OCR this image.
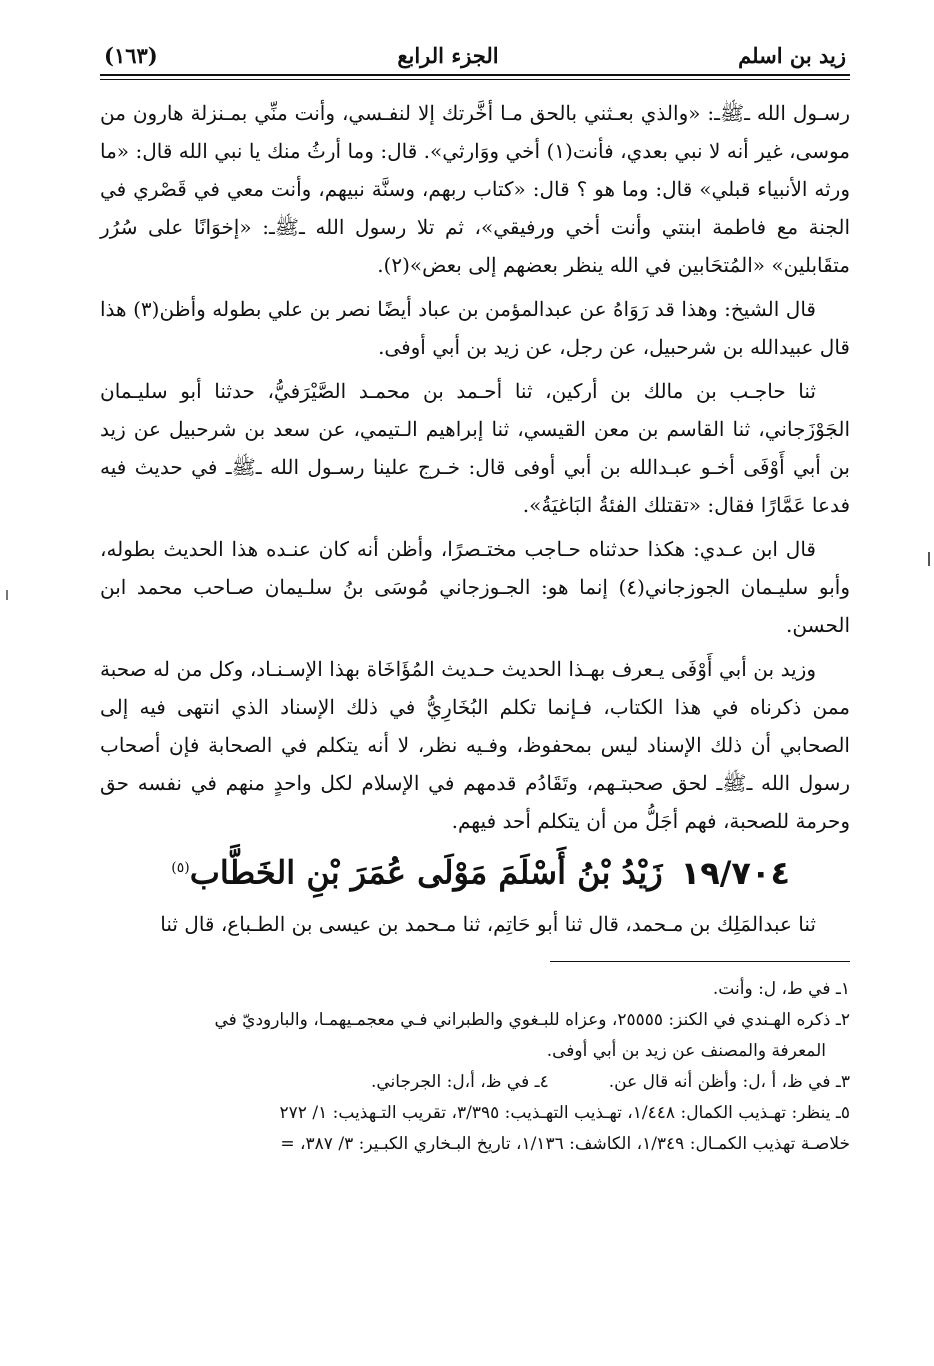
زيد بن اسلم
الجزء الرابع
(١٦٣)

رسـول الله ـﷺـ: «والذي بعـثني بالحق مـا أخَّرتك إلا لنفـسي، وأنت منِّي بمـنزلة هارون من موسى، غير أنه لا نبي بعدي، فأنت(١) أخي ووَارثي». قال: وما أرثُ منك يا نبي الله قال: «ما ورثه الأنبياء قبلي» قال: وما هو ؟ قال: «كتاب ربهم، وسنَّة نبيهم، وأنت معي في قَصْري في الجنة مع فاطمة ابنتي وأنت أخي ورفيقي»، ثم تلا رسول الله ـﷺـ: «إخوَانًا على سُرُر متقَابلين» «المُتحَابين في الله ينظر بعضهم إلى بعض»(٢).

قال الشيخ: وهذا قد رَوَاهُ عن عبدالمؤمن بن عباد أيضًا نصر بن علي بطوله وأظن(٣) هذا قال عبيدالله بن شرحبيل، عن رجل، عن زيد بن أبي أوفى.

ثنا حاجـب بن مالك بن أركين، ثنا أحـمد بن محمـد الصَّيْرَفيُّ، حدثنا أبو سليـمان الجَوْزَجاني، ثنا القاسم بن معن القيسي، ثنا إبراهيم الـتيمي، عن سعد بن شرحبيل عن زيد بن أبي أَوْفَى أخـو عبـدالله بن أبي أوفى قال: خـرج علينا رسـول الله ـﷺـ في حديث فيه فدعا عَمَّارًا فقال: «تقتلك الفئةُ البَاغيَةُ».

قال ابن عـدي: هكذا حدثناه حـاجب مختـصرًا، وأظن أنه كان عنـده هذا الحديث بطوله، وأبو سليـمان الجوزجاني(٤) إنما هو: الجـوزجاني مُوسَى بنُ سلـيمان صـاحب محمد ابن الحسن.

وزيد بن أبي أَوْفَى يـعرف بهـذا الحديث حـديث المُؤَاخَاة بهذا الإسـنـاد، وكل من له صحبة ممن ذكرناه في هذا الكتاب، فـإنما تكلم البُخَارِيُّ في ذلك الإسناد الذي انتهى فيه إلى الصحابي أن ذلك الإسناد ليس بمحفوظ، وفـيه نظر، لا أنه يتكلم في الصحابة فإن أصحاب رسول الله ـﷺـ لحق صحبتـهم، وتَقَادُم قدمهم في الإسلام لكل واحدٍ منهم في نفسه حق وحرمة للصحبة، فهم أجَلُّ من أن يتكلم أحد فيهم.

١٩/٧٠٤زَيْدُ بْنُ أَسْلَمَ مَوْلَى عُمَرَ بْنِ الخَطَّاب$^{(٥)}$

ثنا عبدالمَلِك بن مـحمد، قال ثنا أبو حَاتِم، ثنا مـحمد بن عيسى بن الطـباع، قال ثنا

١ـ في ط، ل: وأنت.

٢ـ ذكره الهـندي في الكنز: ٢٥٥٥٥، وعزاه للبـغوي والطبراني فـي معجمـيهمـا، والباروديّ في
المعرفة والمصنف عن زيد بن أبي أوفى.

٣ـ في ظ، أ ،ل: وأظن أنه قال عن.
٤ـ في ظ، أ،ل: الجرجاني.

٥ـ ينظر: تهـذيب الكمال: ١/٤٤٨، تهـذيب التهـذيب: ٣/٣٩٥، تقريب التـهذيب: ١/ ٢٧٢
خلاصـة تهذيب الكمـال: ١/٣٤٩، الكاشف: ١/١٣٦، تاريخ البـخاري الكبـير: ٣/ ٣٨٧، =
